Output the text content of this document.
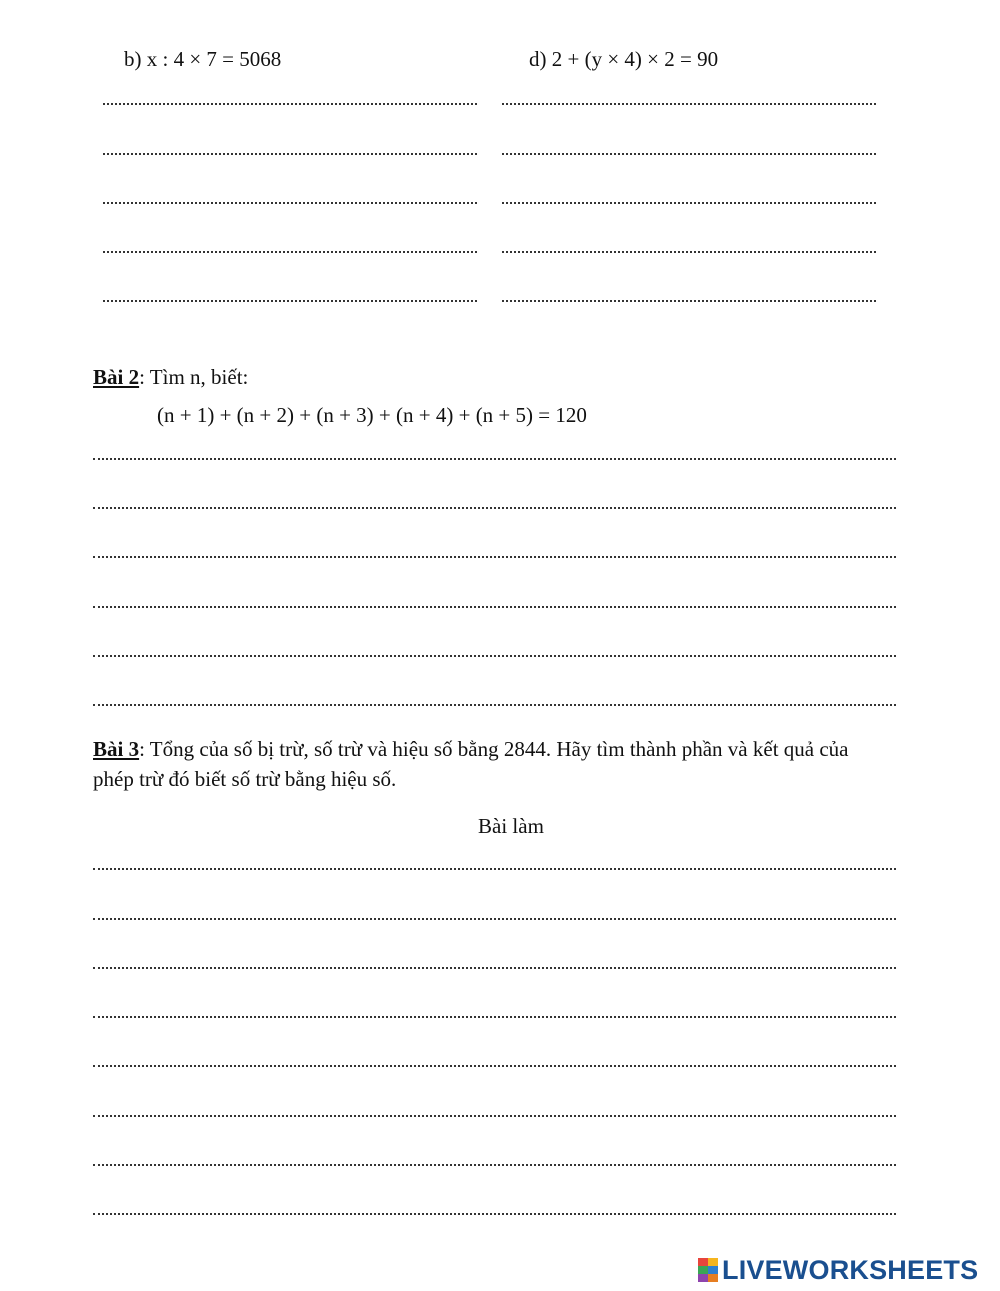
b) x : 4 × 7 = 5068	d) 2 + (y × 4) × 2 = 90
Bài 2: Tìm n, biết:
(n + 1) + (n + 2) + (n + 3) + (n + 4) + (n + 5) = 120
Bài 3: Tổng của số bị trừ, số trừ và hiệu số bằng 2844. Hãy tìm thành phần và kết quả của
phép trừ đó biết số trừ bằng hiệu số.
Bài làm
LIVEWORKSHEETS
